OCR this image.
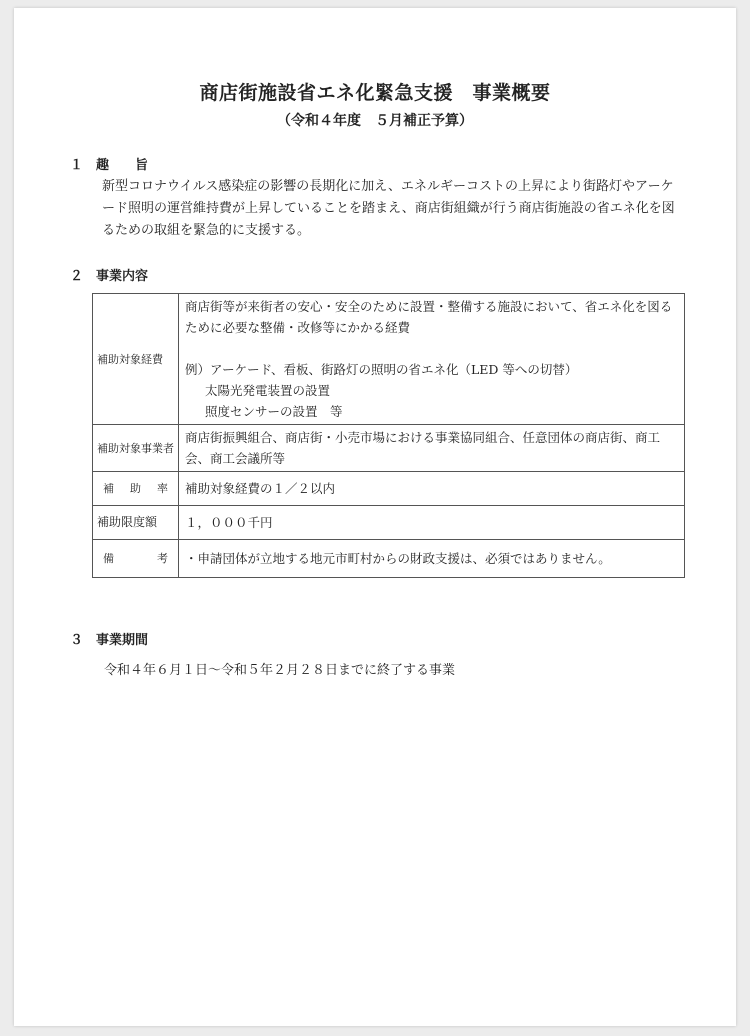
商店街施設省エネ化緊急支援　事業概要
（令和４年度　５月補正予算）
１ 趣　　旨
新型コロナウイルス感染症の影響の長期化に加え、エネルギーコストの上昇により街路灯やアーケード照明の運営維持費が上昇していることを踏まえ、商店街組織が行う商店街施設の省エネ化を図るための取組を緊急的に支援する。
２ 事業内容
補助対象経費	商店街等が来街者の安心・安全のために設置・整備する施設において、省エネ化を図るために必要な整備・改修等にかかる経費
例）アーケード、看板、街路灯の照明の省エネ化（LED 等への切替）
太陽光発電装置の設置
照度センサーの設置　等

補助対象事業者	商店街振興組合、商店街・小売市場における事業協同組合、任意団体の商店街、商工会、商工会議所等

補 助 率	補助対象経費の１／２以内
補助限度額	１，０００千円

備 考	・申請団体が立地する地元市町村からの財政支援は、必須ではありません。
３ 事業期間
令和４年６月１日～令和５年２月２８日までに終了する事業
